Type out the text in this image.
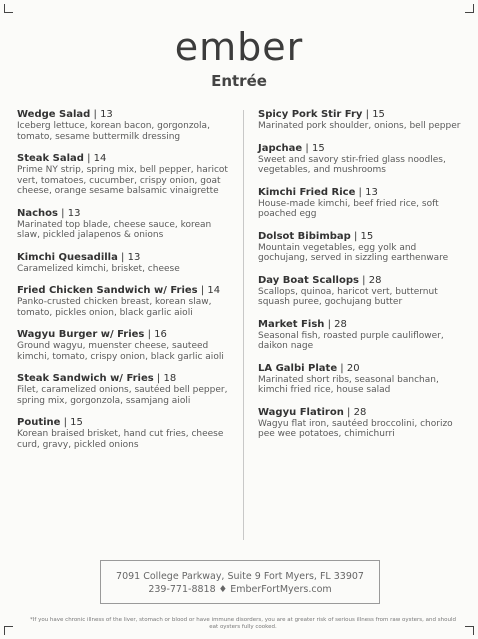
ember
Entrée
Wedge Salad | 13
Iceberg lettuce, korean bacon, gorgonzola, tomato, sesame buttermilk dressing
Steak Salad | 14
Prime NY strip, spring mix, bell pepper, haricot vert, tomatoes, cucumber, crispy onion, goat cheese, orange sesame balsamic vinaigrette
Nachos | 13
Marinated top blade, cheese sauce, korean slaw, pickled jalapenos & onions
Kimchi Quesadilla | 13
Caramelized kimchi, brisket, cheese
Fried Chicken Sandwich w/ Fries | 14
Panko-crusted chicken breast, korean slaw, tomato, pickles onion, black garlic aioli
Wagyu Burger w/ Fries | 16
Ground wagyu, muenster cheese, sauteed kimchi, tomato, crispy onion, black garlic aioli
Steak Sandwich w/ Fries | 18
Filet, caramelized onions, sautéed bell pepper, spring mix, gorgonzola, ssamjang aioli
Poutine | 15
Korean braised brisket, hand cut fries, cheese curd, gravy, pickled onions
Spicy Pork Stir Fry | 15
Marinated pork shoulder, onions, bell pepper
Japchae | 15
Sweet and savory stir-fried glass noodles, vegetables, and mushrooms
Kimchi Fried Rice | 13
House-made kimchi, beef fried rice, soft poached egg
Dolsot Bibimbap | 15
Mountain vegetables, egg yolk and gochujang, served in sizzling earthenware
Day Boat Scallops | 28
Scallops, quinoa, haricot vert, butternut squash puree, gochujang butter
Market Fish | 28
Seasonal fish, roasted purple cauliflower, daikon nage
LA Galbi Plate | 20
Marinated short ribs, seasonal banchan, kimchi fried rice, house salad
Wagyu Flatiron | 28
Wagyu flat iron, sautéed broccolini, chorizo pee wee potatoes, chimichurri
7091 College Parkway, Suite 9 Fort Myers, FL 33907
239-771-8818 ♦ EmberFortMyers.com
*If you have chronic illness of the liver, stomach or blood or have immune disorders, you are at greater risk of serious illness from raw oysters, and should eat oysters fully cooked.
